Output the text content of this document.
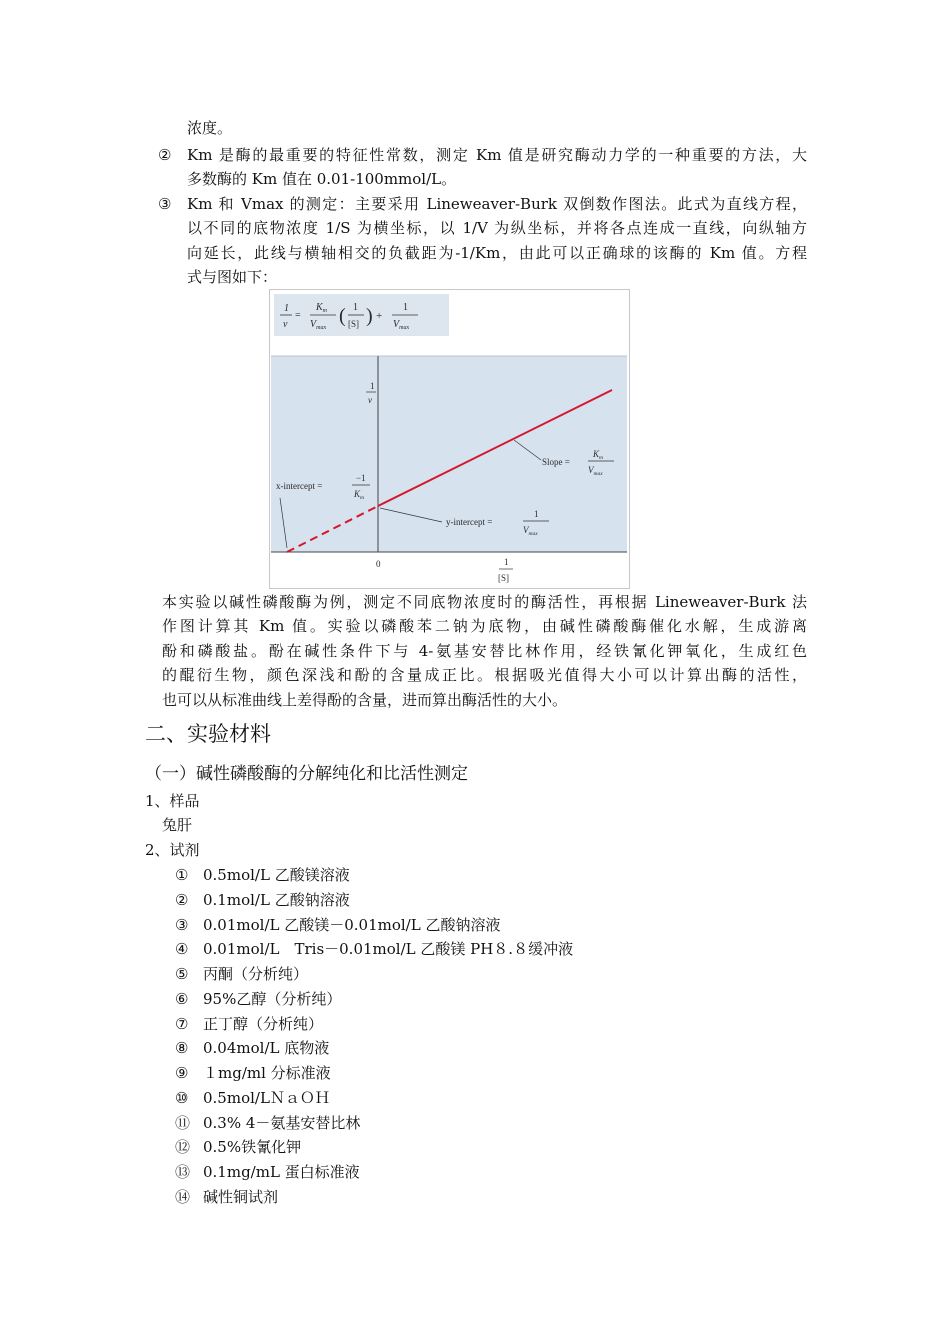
浓度。
② Km 是酶的最重要的特征性常数，测定 Km 值是研究酶动力学的一种重要的方法，大
多数酶的 Km 值在 0.01-100mmol/L。
③ Km 和 Vmax 的测定：主要采用 Lineweaver-Burk 双倒数作图法。此式为直线方程，
以不同的底物浓度 1/S 为横坐标，以 1/V 为纵坐标，并将各点连成一直线，向纵轴方
向延长，此线与横轴相交的负截距为-1/Km，由此可以正确球的该酶的 Km 值。方程
式与图如下：
1
v
=
$K_m$
$V_{max}$
( 1
[S] ) +
1
$V_{max}$
1
v
Slope =
$K_m$
$V_{max}$
x-intercept =
−1
$K_m$
y-intercept =
1
$V_{max}$
0	1
[S]
本实验以碱性磷酸酶为例，测定不同底物浓度时的酶活性，再根据 Lineweaver-Burk 法
作图计算其 Km 值。实验以磷酸苯二钠为底物，由碱性磷酸酶催化水解，生成游离
酚和磷酸盐。酚在碱性条件下与 4-氨基安替比林作用，经铁氰化钾氧化，生成红色
的醌衍生物，颜色深浅和酚的含量成正比。根据吸光值得大小可以计算出酶的活性，
也可以从标准曲线上差得酚的含量，进而算出酶活性的大小。
二、实验材料
（一）碱性磷酸酶的分解纯化和比活性测定
1、样品
兔肝
2、试剂
① 0.5mol/L 乙酸镁溶液
② 0.1mol/L 乙酸钠溶液
③ 0.01mol/L 乙酸镁－0.01mol/L 乙酸钠溶液
④ 0.01mol/L　Tris－0.01mol/L 乙酸镁 PH８.８缓冲液
⑤ 丙酮（分析纯）
⑥ 95%乙醇（分析纯）
⑦ 正丁醇（分析纯）
⑧ 0.04mol/L 底物液
⑨ １mg/ml 分标准液
⑩ 0.5mol/LＮａＯＨ
⑪ 0.3% 4－氨基安替比林
⑫ 0.5%铁氰化钾
⑬ 0.1mg/mL 蛋白标准液
⑭ 碱性铜试剂
